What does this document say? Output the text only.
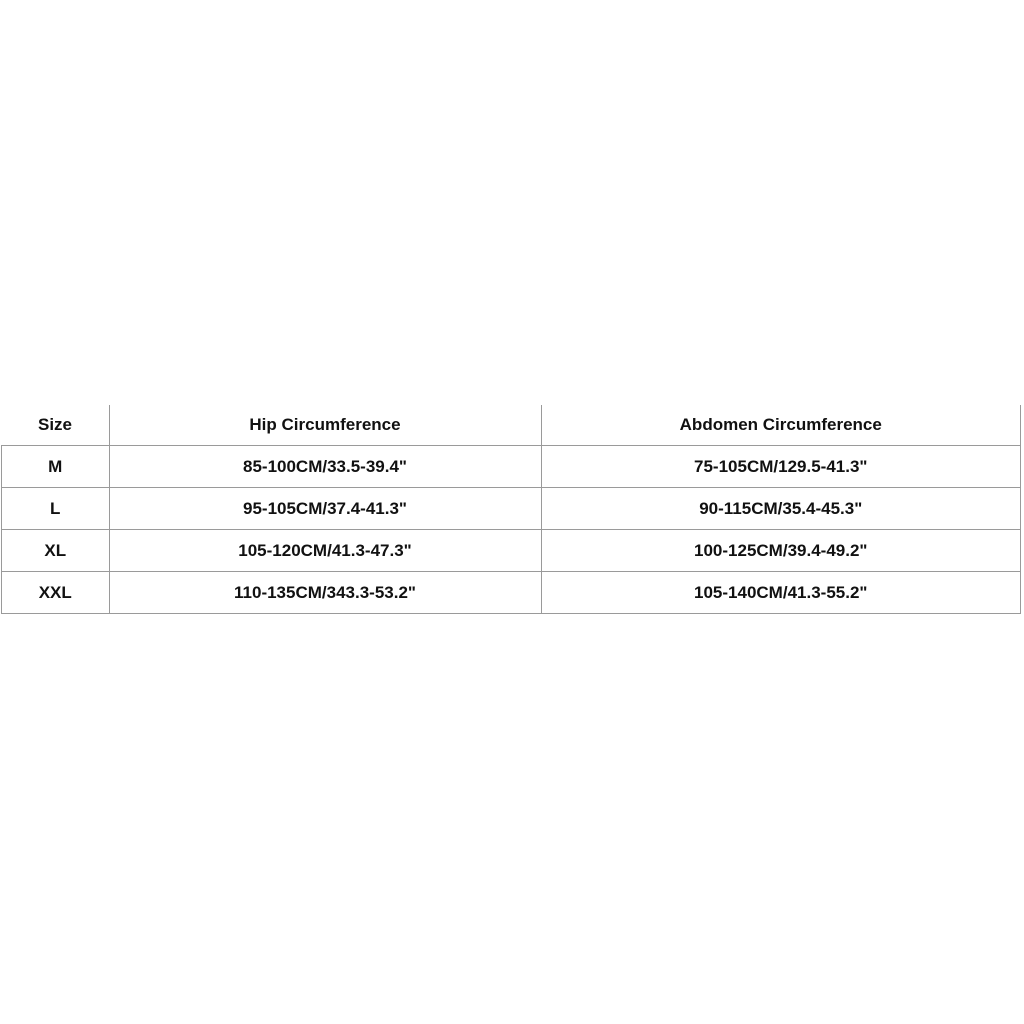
Size	Hip Circumference	Abdomen Circumference
M	85-100CM/33.5-39.4"	75-105CM/129.5-41.3"
L	95-105CM/37.4-41.3"	90-115CM/35.4-45.3"
XL	105-120CM/41.3-47.3"	100-125CM/39.4-49.2"
XXL	110-135CM/343.3-53.2"	105-140CM/41.3-55.2"
